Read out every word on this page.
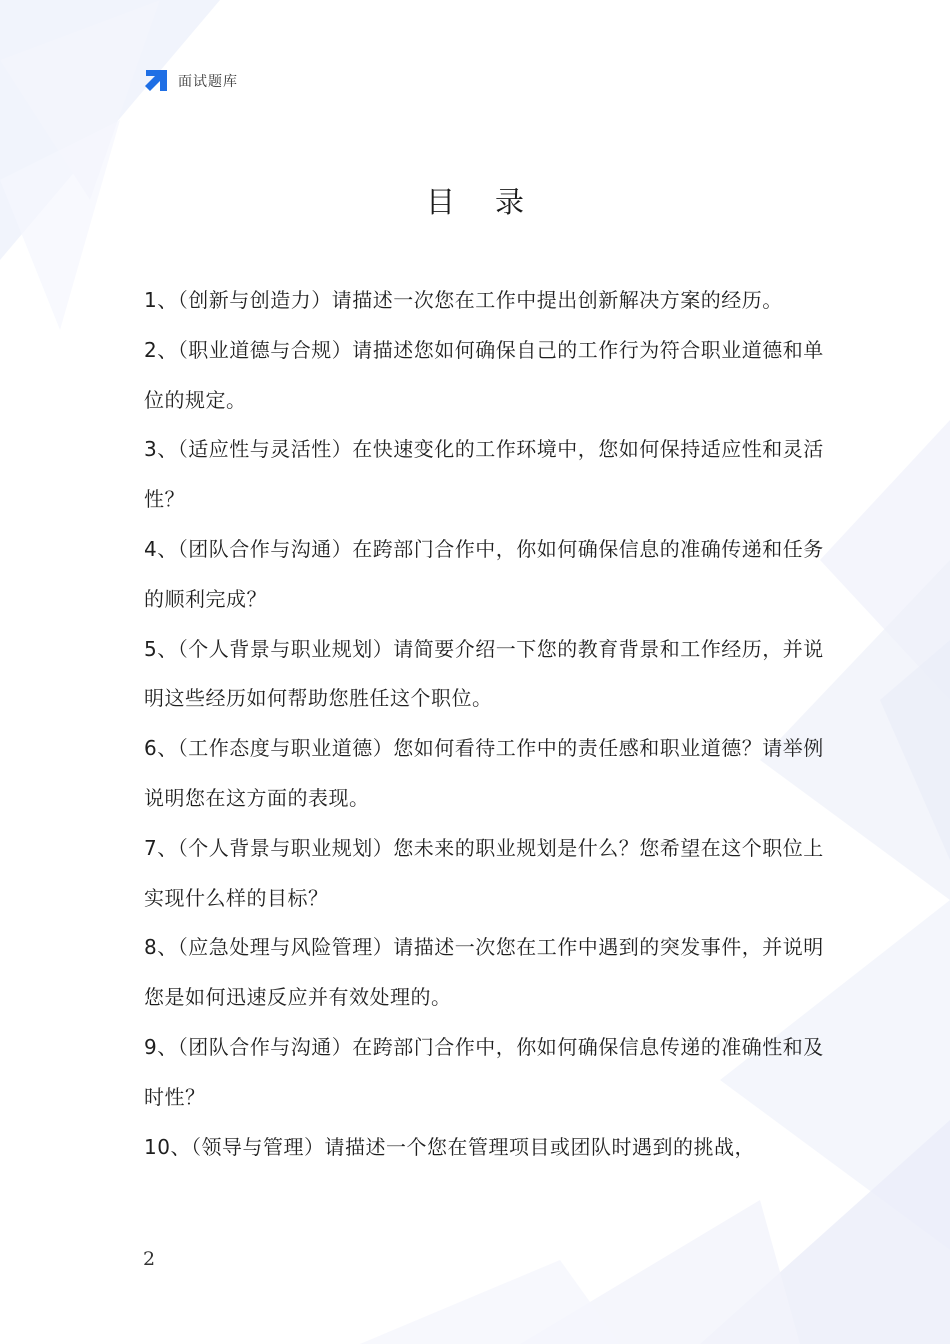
面试题库
目录
1、（创新与创造力）请描述一次您在工作中提出创新解决方案的经历。
2、（职业道德与合规）请描述您如何确保自己的工作行为符合职业道德和单位的规定。
3、（适应性与灵活性）在快速变化的工作环境中，您如何保持适应性和灵活性？
4、（团队合作与沟通）在跨部门合作中，你如何确保信息的准确传递和任务的顺利完成？
5、（个人背景与职业规划）请简要介绍一下您的教育背景和工作经历，并说明这些经历如何帮助您胜任这个职位。
6、（工作态度与职业道德）您如何看待工作中的责任感和职业道德？请举例说明您在这方面的表现。
7、（个人背景与职业规划）您未来的职业规划是什么？您希望在这个职位上实现什么样的目标？
8、（应急处理与风险管理）请描述一次您在工作中遇到的突发事件，并说明您是如何迅速反应并有效处理的。
9、（团队合作与沟通）在跨部门合作中，你如何确保信息传递的准确性和及时性？
10、（领导与管理）请描述一个您在管理项目或团队时遇到的挑战，
2
